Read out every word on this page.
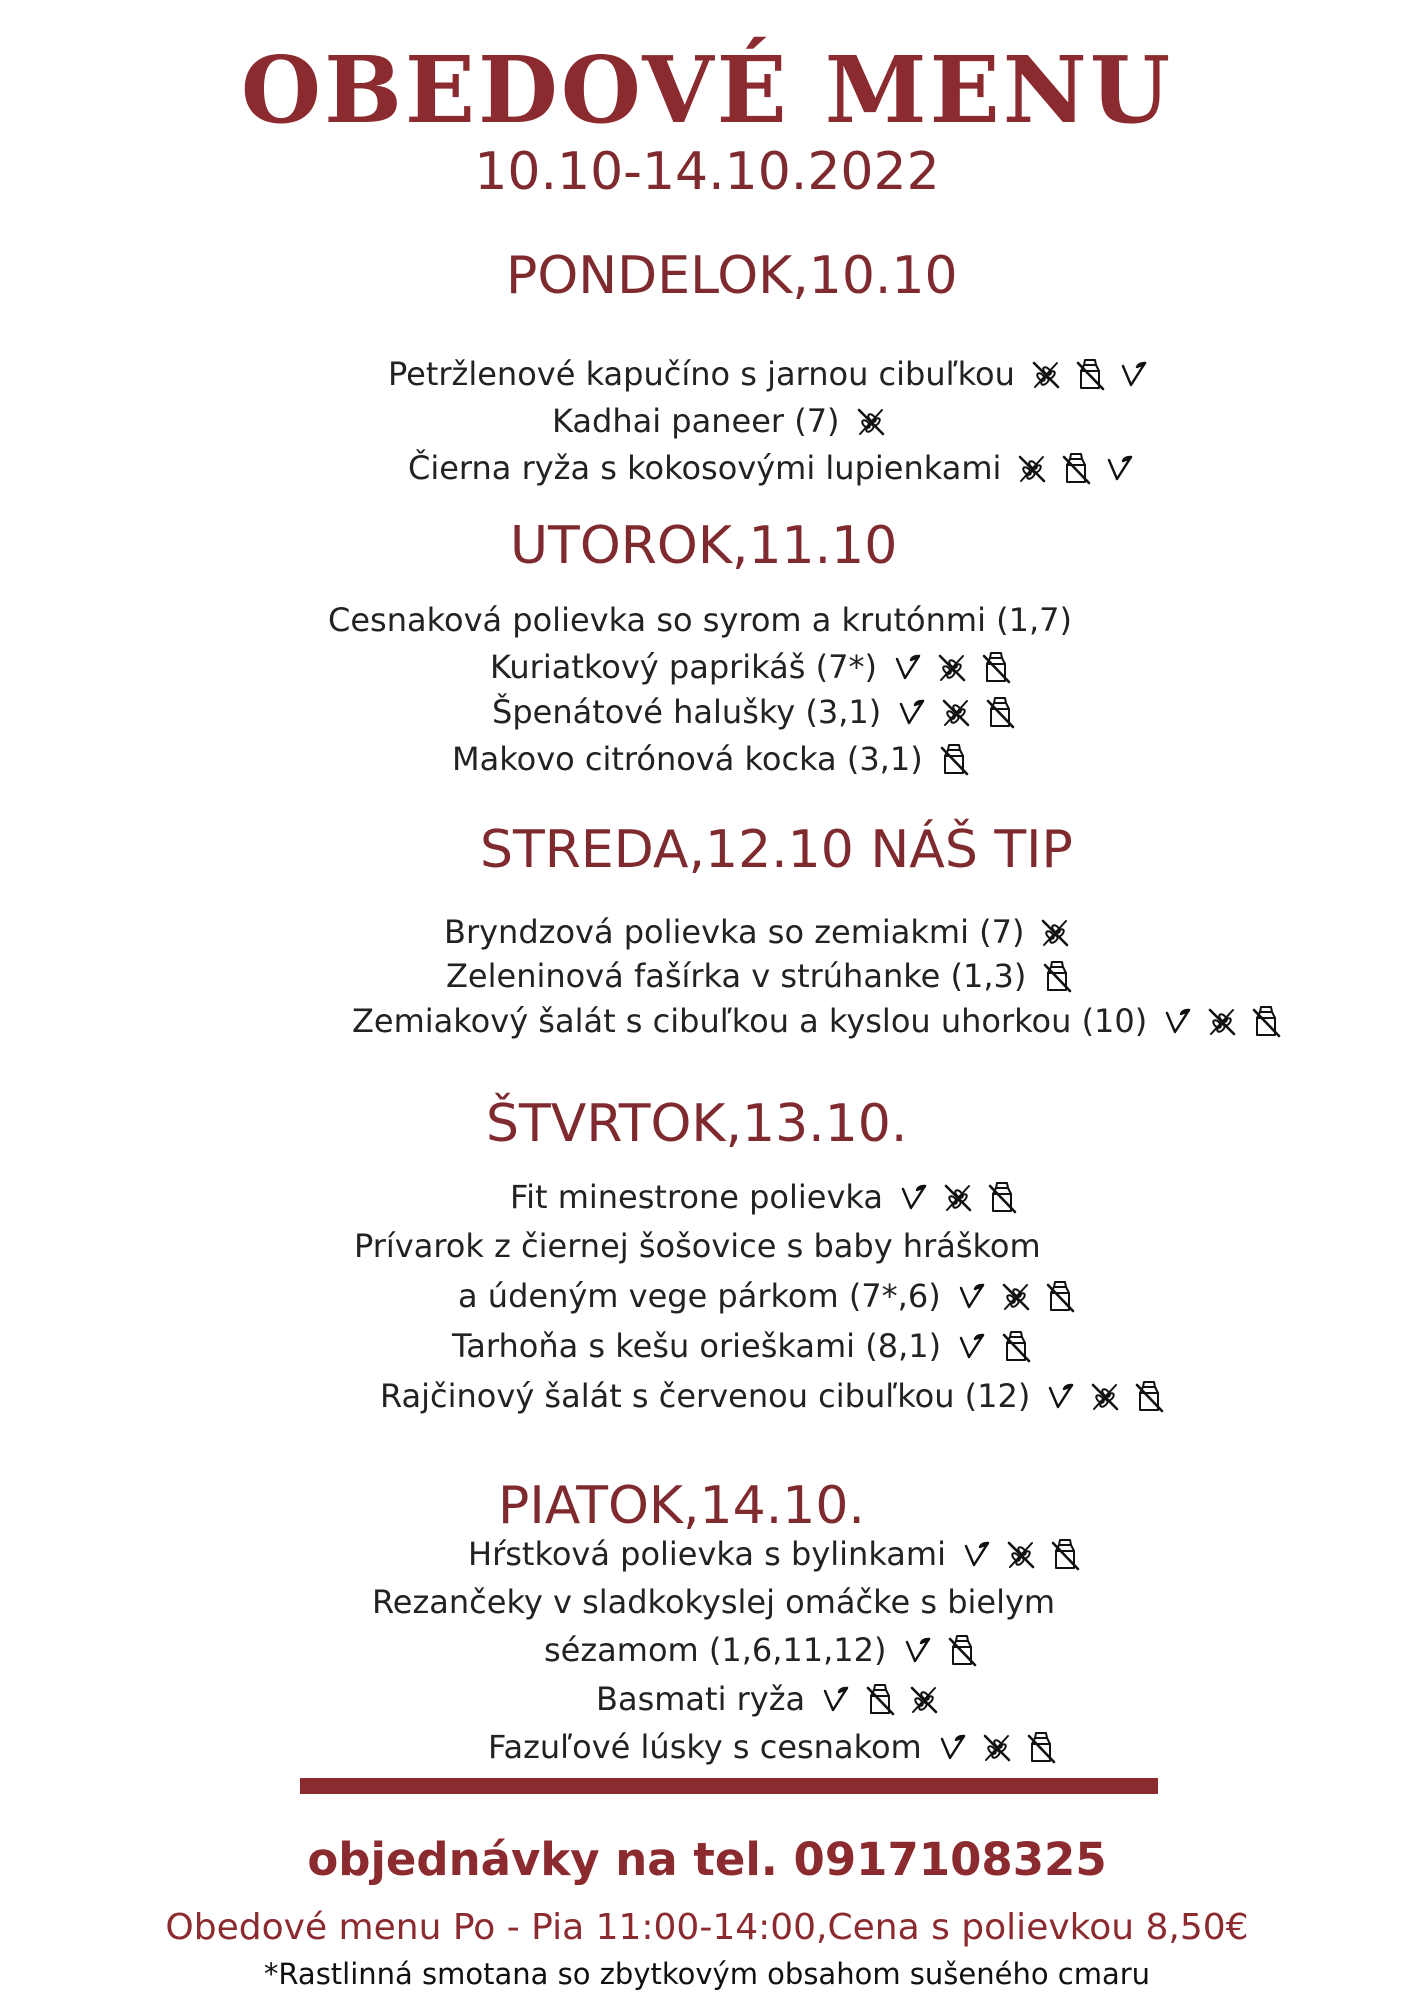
OBEDOVÉ MENU
10.10-14.10.2022
PONDELOK,10.10
Petržlenové kapučíno s jarnou cibuľkou
Kadhai paneer (7)
Čierna ryža s kokosovými lupienkami
UTOROK,11.10
Cesnaková polievka so syrom a krutónmi (1,7)
Kuriatkový paprikáš (7*)
Špenátové halušky (3,1)
Makovo citrónová kocka (3,1)
STREDA,12.10 NÁŠ TIP
Bryndzová polievka so zemiakmi (7)
Zeleninová fašírka v strúhanke (1,3)
Zemiakový šalát s cibuľkou a kyslou uhorkou (10)
ŠTVRTOK,13.10.
Fit minestrone polievka
Prívarok z čiernej šošovice s baby hráškom
a údeným vege párkom (7*,6)
Tarhoňa s kešu orieškami (8,1)
Rajčinový šalát s červenou cibuľkou (12)
PIATOK,14.10.
Hŕstková polievka s bylinkami
Rezančeky v sladkokyslej omáčke s bielym
sézamom (1,6,11,12)
Basmati ryža
Fazuľové lúsky s cesnakom
objednávky na tel. 0917108325
Obedové menu Po - Pia 11:00-14:00,Cena s polievkou 8,50€
*Rastlinná smotana so zbytkovým obsahom sušeného cmaru
